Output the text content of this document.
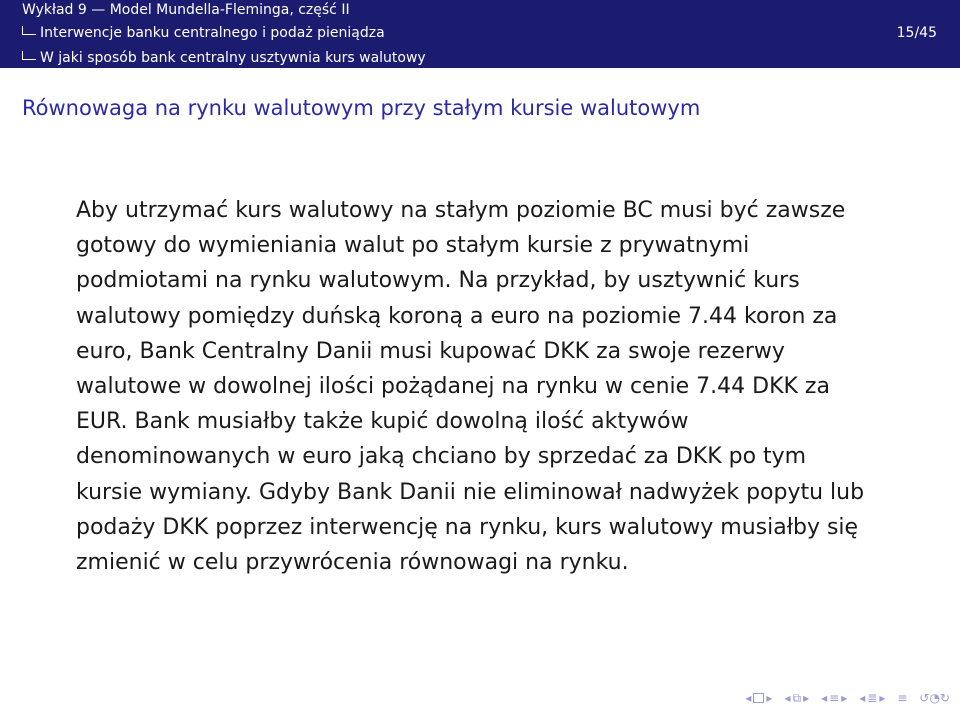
Wykład 9 — Model Mundella-Fleminga, część II
Interwencje banku centralnego i podaż pieniądza
W jaki sposób bank centralny usztywnia kurs walutowy
15/45
Równowaga na rynku walutowym przy stałym kursie walutowym
Aby utrzymać kurs walutowy na stałym poziomie BC musi być zawsze gotowy do wymieniania walut po stałym kursie z prywatnymi podmiotami na rynku walutowym. Na przykład, by usztywnić kurs walutowy pomiędzy duńską koroną a euro na poziomie 7.44 koron za euro, Bank Centralny Danii musi kupować DKK za swoje rezerwy walutowe w dowolnej ilości pożądanej na rynku w cenie 7.44 DKK za EUR. Bank musiałby także kupić dowolną ilość aktywów denominowanych w euro jaką chciano by sprzedać za DKK po tym kursie wymiany. Gdyby Bank Danii nie eliminował nadwyżek popytu lub podaży DKK poprzez interwencję na rynku, kurs walutowy musiałby się zmienić w celu przywrócenia równowagi na rynku.
◂ ▸ ◂ ⧉ ▸ ◂ ≡ ▸ ◂ ≣ ▸ ≡ ↺◔↻
